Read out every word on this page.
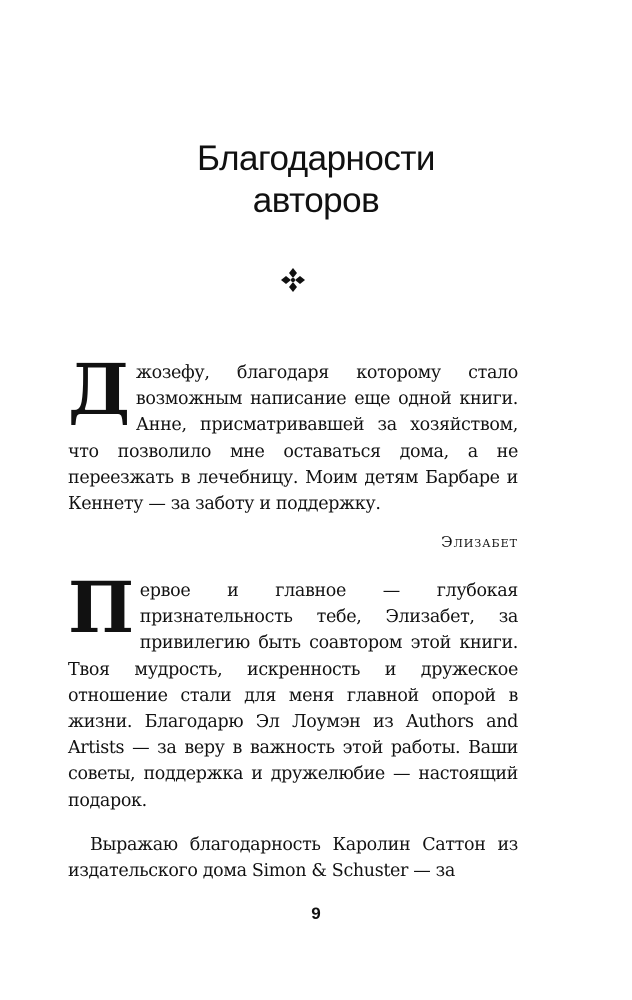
Благодарности
авторов

Джозефу, благодаря которому стало возможным написание еще одной книги. Анне, присматривавшей за хозяйством, что позволило мне оставаться дома, а не переезжать в лечебницу. Моим детям Барбаре и Кеннету — за заботу и поддержку.

Элизабет

Первое и главное — глубокая признательность тебе, Элизабет, за привилегию быть соавтором этой книги. Твоя мудрость, искренность и дружеское отношение стали для меня главной опорой в жизни. Благодарю Эл Лоумэн из Authors and Artists — за веру в важность этой работы. Ваши советы, поддержка и дружелюбие — настоящий подарок.

Выражаю благодарность Каролин Саттон из издательского дома Simon & Schuster — за

9
